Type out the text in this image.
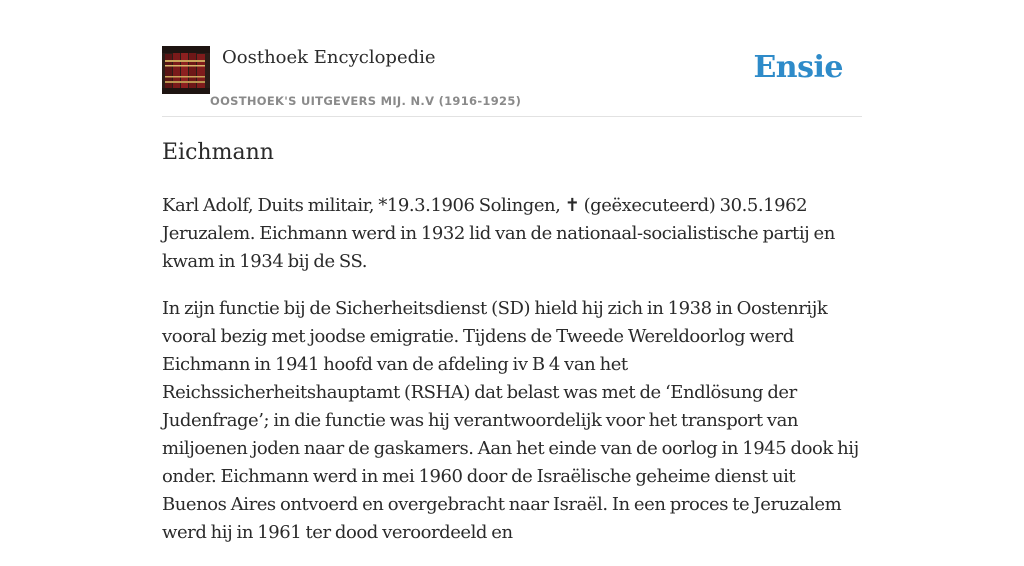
Oosthoek Encyclopedie
OOSTHOEK'S UITGEVERS MIJ. N.V (1916-1925)
Ensie
Eichmann

Karl Adolf, Duits militair, *19.3.1906 Solingen, ✝ (geëxecuteerd) 30.5.1962 Jeruzalem. Eichmann werd in 1932 lid van de nationaal-socialistische partij en kwam in 1934 bij de SS.

In zijn functie bij de Sicherheitsdienst (SD) hield hij zich in 1938 in Oostenrijk vooral bezig met joodse emigratie. Tijdens de Tweede Wereldoorlog werd Eichmann in 1941 hoofd van de afdeling iv B 4 van het Reichssicherheitshauptamt (RSHA) dat belast was met de ‘Endlösung der Judenfrage’; in die functie was hij verantwoordelijk voor het transport van miljoenen joden naar de gaskamers. Aan het einde van de oorlog in 1945 dook hij onder. Eichmann werd in mei 1960 door de Israëlische geheime dienst uit Buenos Aires ontvoerd en overgebracht naar Israël. In een proces te Jeruzalem werd hij in 1961 ter dood veroordeeld en
